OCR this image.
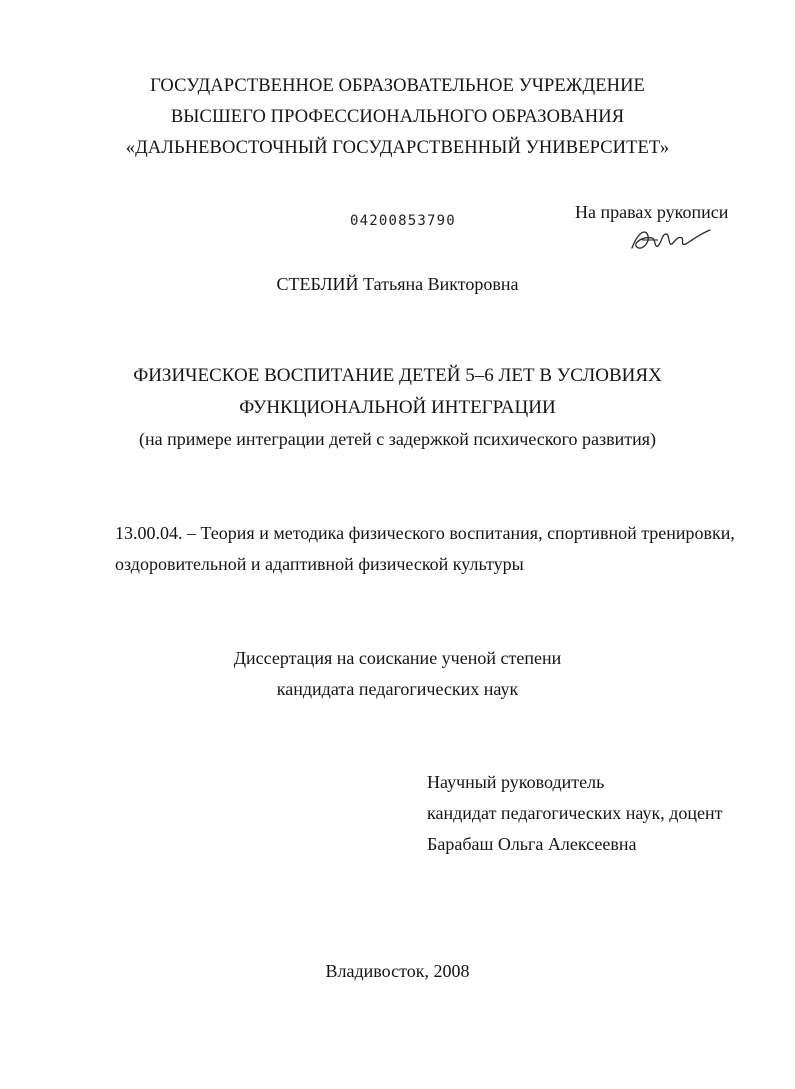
ГОСУДАРСТВЕННОЕ ОБРАЗОВАТЕЛЬНОЕ УЧРЕЖДЕНИЕ
ВЫСШЕГО ПРОФЕССИОНАЛЬНОГО ОБРАЗОВАНИЯ
«ДАЛЬНЕВОСТОЧНЫЙ ГОСУДАРСТВЕННЫЙ УНИВЕРСИТЕТ»
На правах рукописи
04200853790
СТЕБЛИЙ Татьяна Викторовна
ФИЗИЧЕСКОЕ ВОСПИТАНИЕ ДЕТЕЙ 5–6 ЛЕТ В УСЛОВИЯХ
ФУНКЦИОНАЛЬНОЙ ИНТЕГРАЦИИ
(на примере интеграции детей с задержкой психического развития)
13.00.04. – Теория и методика физического воспитания, спортивной тренировки,
оздоровительной и адаптивной физической культуры
Диссертация на соискание ученой степени
кандидата педагогических наук
Научный руководитель
кандидат педагогических наук, доцент
Барабаш Ольга Алексеевна
Владивосток, 2008
